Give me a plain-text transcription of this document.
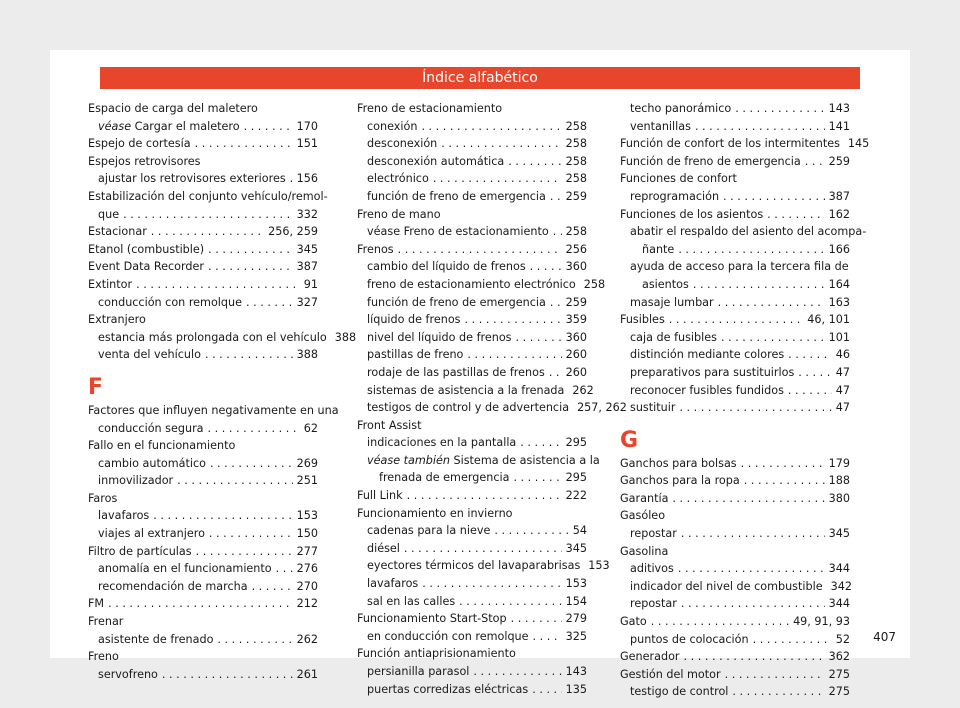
Índice alfabético
Espacio de carga del maletero
véase Cargar el maletero . . .	170
Espejo de cortesía . . .	151
Espejos retrovisores
ajustar los retrovisores exteriores . . . 156
Estabilización del conjunto vehículo/remol-
que . . .	332
Estacionar . . .	256, 259
Etanol (combustible) . . .	345
Event Data Recorder . . .	387
Extintor . . .	91
conducción con remolque . . .	327
Extranjero
estancia más prolongada con el vehículo 388
venta del vehículo . . .	388
F
Factores que influyen negativamente en una
conducción segura . . .	62
Fallo en el funcionamiento
cambio automático . . .	269
inmovilizador . . .	251
Faros
lavafaros . . .	153
viajes al extranjero . . .	150
Filtro de partículas . . .	277
anomalía en el funcionamiento . . . 276
recomendación de marcha . . .	270
FM . . .	212
Frenar
asistente de frenado . . .	262
Freno
servofreno . . .	261
Freno de estacionamiento
conexión . . .	258
desconexión . . .	258
desconexión automática . . .	258
electrónico . . .	258
función de freno de emergencia . . . 259
Freno de mano
véase Freno de estacionamiento . . . 258
Frenos . . .	256
cambio del líquido de frenos . . .	360
freno de estacionamiento electrónico 258
función de freno de emergencia . . . 259
líquido de frenos . . .	359
nivel del líquido de frenos . . .	360
pastillas de freno . . .	260
rodaje de las pastillas de frenos . . . 260
sistemas de asistencia a la frenada 262
testigos de control y de advertencia 257, 262
Front Assist
indicaciones en la pantalla . . .	295
véase también Sistema de asistencia a la
frenada de emergencia . . .	295
Full Link . . .	222
Funcionamiento en invierno
cadenas para la nieve . . .	54
diésel . . .	345
eyectores térmicos del lavaparabrisas 153
lavafaros . . .	153
sal en las calles . . .	154
Funcionamiento Start-Stop . . .	279
en conducción con remolque . . .	325
Función antiaprisionamiento
persianilla parasol . . .	143
puertas corredizas eléctricas . . .	135
techo panorámico . . .	143
ventanillas . . .	141
Función de confort de los intermitentes 145
Función de freno de emergencia . . . 259
Funciones de confort
reprogramación . . .	387
Funciones de los asientos . . .	162
abatir el respaldo del asiento del acompa-
ñante . . .	166
ayuda de acceso para la tercera fila de
asientos . . .	164
masaje lumbar . . .	163
Fusibles . . .	46, 101
caja de fusibles . . .	101
distinción mediante colores . . .	46
preparativos para sustituirlos . . .	47
reconocer fusibles fundidos . . .	47
sustituir . . .	47
G
Ganchos para bolsas . . .	179
Ganchos para la ropa . . .	188
Garantía . . .	380
Gasóleo
repostar . . .	345
Gasolina
aditivos . . .	344
indicador del nivel de combustible 342
repostar . . .	344
Gato . . .	49, 91, 93
puntos de colocación . . .	52
Generador . . .	362
Gestión del motor . . .	275
testigo de control . . .	275
407
